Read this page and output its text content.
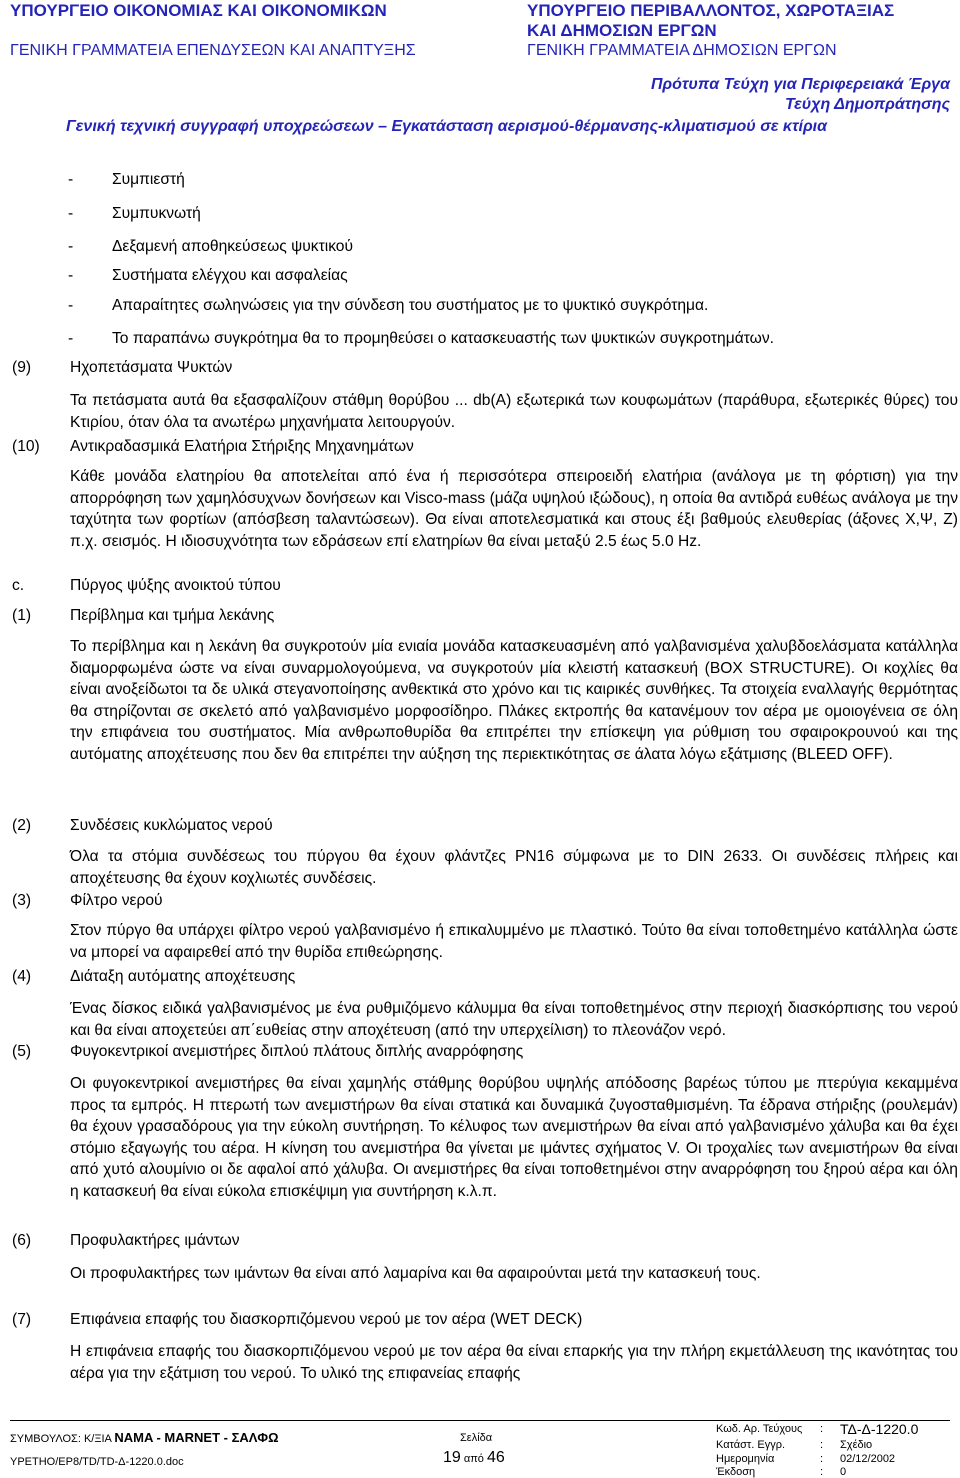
ΥΠΟΥΡΓΕΙΟ ΟΙΚΟΝΟΜΙΑΣ ΚΑΙ ΟΙΚΟΝΟΜΙΚΩΝ
ΓΕΝΙΚΗ ΓΡΑΜΜΑΤΕΙΑ ΕΠΕΝΔΥΣΕΩΝ ΚΑΙ ΑΝΑΠΤΥΞΗΣ
ΥΠΟΥΡΓΕΙΟ ΠΕΡΙΒΑΛΛΟΝΤΟΣ, ΧΩΡΟΤΑΞΙΑΣ
ΚΑΙ ΔΗΜΟΣΙΩΝ ΕΡΓΩΝ
ΓΕΝΙΚΗ ΓΡΑΜΜΑΤΕΙΑ ΔΗΜΟΣΙΩΝ ΕΡΓΩΝ
Πρότυπα Τεύχη για Περιφερειακά Έργα
Τεύχη Δημοπράτησης
Γενική τεχνική συγγραφή υποχρεώσεων – Εγκατάσταση αερισμού-θέρμανσης-κλιματισμού σε κτίρια
- Συμπιεστή
- Συμπυκνωτή
- Δεξαμενή αποθηκεύσεως ψυκτικού
- Συστήματα ελέγχου και ασφαλείας
- Απαραίτητες σωληνώσεις για την σύνδεση του συστήματος με το ψυκτικό συγκρότημα.
- Το παραπάνω συγκρότημα θα το προμηθεύσει ο κατασκευαστής των ψυκτικών συγκροτημάτων.
(9) Ηχοπετάσματα Ψυκτών
Τα πετάσματα αυτά θα εξασφαλίζουν στάθμη θορύβου ... db(A) εξωτερικά των κουφωμάτων (παράθυρα, εξωτερικές θύρες) του Κτιρίου, όταν όλα τα ανωτέρω μηχανήματα λειτουργούν.
(10) Αντικραδασμικά Ελατήρια Στήριξης Μηχανημάτων
Κάθε μονάδα ελατηρίου θα αποτελείται από ένα ή περισσότερα σπειροειδή ελατήρια (ανάλογα με τη φόρτιση) για την απορρόφηση των χαμηλόσυχνων δονήσεων και Visco-mass (μάζα υψηλού ιξώδους), η οποία θα αντιδρά ευθέως ανάλογα με την ταχύτητα των φορτίων (απόσβεση ταλαντώσεων). Θα είναι αποτελεσματικά και στους έξι βαθμούς ελευθερίας (άξονες Χ,Ψ, Ζ) π.χ. σεισμός. Η ιδιοσυχνότητα των εδράσεων επί ελατηρίων θα είναι μεταξύ 2.5 έως 5.0 Hz.
c.	Πύργος ψύξης ανοικτού τύπου
(1) Περίβλημα και τμήμα λεκάνης
Το περίβλημα και η λεκάνη θα συγκροτούν μία ενιαία μονάδα κατασκευασμένη από γαλβανισμένα χαλυβδοελάσματα κατάλληλα διαμορφωμένα ώστε να είναι συναρμολογούμενα, να συγκροτούν μία κλειστή κατασκευή (BOX STRUCTURE). Οι κοχλίες θα είναι ανοξείδωτοι τα δε υλικά στεγανοποίησης ανθεκτικά στο χρόνο και τις καιρικές συνθήκες. Τα στοιχεία εναλλαγής θερμότητας θα στηρίζονται σε σκελετό από γαλβανισμένο μορφοσίδηρο. Πλάκες εκτροπής θα κατανέμουν τον αέρα με ομοιογένεια σε όλη την επιφάνεια του συστήματος. Μία ανθρωποθυρίδα θα επιτρέπει την επίσκεψη για ρύθμιση του σφαιροκρουνού και της αυτόματης αποχέτευσης που δεν θα επιτρέπει την αύξηση της περιεκτικότητας σε άλατα λόγω εξάτμισης (BLEED OFF).
(2) Συνδέσεις κυκλώματος νερού
Όλα τα στόμια συνδέσεως του πύργου θα έχουν φλάντζες PN16 σύμφωνα με το DIN 2633. Οι συνδέσεις πλήρεις και αποχέτευσης θα έχουν κοχλιωτές συνδέσεις.
(3) Φίλτρο νερού
Στον πύργο θα υπάρχει φίλτρο νερού γαλβανισμένο ή επικαλυμμένο με πλαστικό. Τούτο θα είναι τοποθετημένο κατάλληλα ώστε να μπορεί να αφαιρεθεί από την θυρίδα επιθεώρησης.
(4) Διάταξη αυτόματης αποχέτευσης
Ένας δίσκος ειδικά γαλβανισμένος με ένα ρυθμιζόμενο κάλυμμα θα είναι τοποθετημένος στην περιοχή διασκόρπισης του νερού και θα είναι αποχετεύει απ΄ευθείας στην αποχέτευση (από την υπερχείλιση) το πλεονάζον νερό.
(5) Φυγοκεντρικοί ανεμιστήρες διπλού πλάτους διπλής αναρρόφησης
Οι φυγοκεντρικοί ανεμιστήρες θα είναι χαμηλής στάθμης θορύβου υψηλής απόδοσης βαρέως τύπου με πτερύγια κεκαμμένα προς τα εμπρός. Η πτερωτή των ανεμιστήρων θα είναι στατικά και δυναμικά ζυγοσταθμισμένη. Τα έδρανα στήριξης (ρουλεμάν) θα έχουν γρασαδόρους για την εύκολη συντήρηση. Το κέλυφος των ανεμιστήρων θα είναι από γαλβανισμένο χάλυβα και θα έχει στόμιο εξαγωγής του αέρα. Η κίνηση του ανεμιστήρα θα γίνεται με ιμάντες σχήματος V. Οι τροχαλίες των ανεμιστήρων θα είναι από χυτό αλουμίνιο οι δε αφαλοί από χάλυβα. Οι ανεμιστήρες θα είναι τοποθετημένοι στην αναρρόφηση του ξηρού αέρα και όλη η κατασκευή θα είναι εύκολα επισκέψιμη για συντήρηση κ.λ.π.
(6) Προφυλακτήρες ιμάντων
Οι προφυλακτήρες των ιμάντων θα είναι από λαμαρίνα και θα αφαιρούνται μετά την κατασκευή τους.
(7) Επιφάνεια επαφής του διασκορπιζόμενου νερού με τον αέρα (WET DECK)
Η επιφάνεια επαφής του διασκορπιζόμενου νερού με τον αέρα θα είναι επαρκής για την πλήρη εκμετάλλευση της ικανότητας του αέρα για την εξάτμιση του νερού. Το υλικό της επιφανείας επαφής
ΣΥΜΒΟΥΛΟΣ: Κ/ΞΙΑ NAMA - MARNET - ΣΑΛΦΩ
ΥΡΕΤΗΟ/ΕΡ8/TD/TD-Δ-1220.0.doc
Σελίδα
19 από 46
Κωδ. Αρ. Τεύχους : ΤΔ-Δ-1220.0
Κατάστ. Εγγρ.	: Σχέδιο
Ημερομηνία	: 02/12/2002
Έκδοση	: 0
